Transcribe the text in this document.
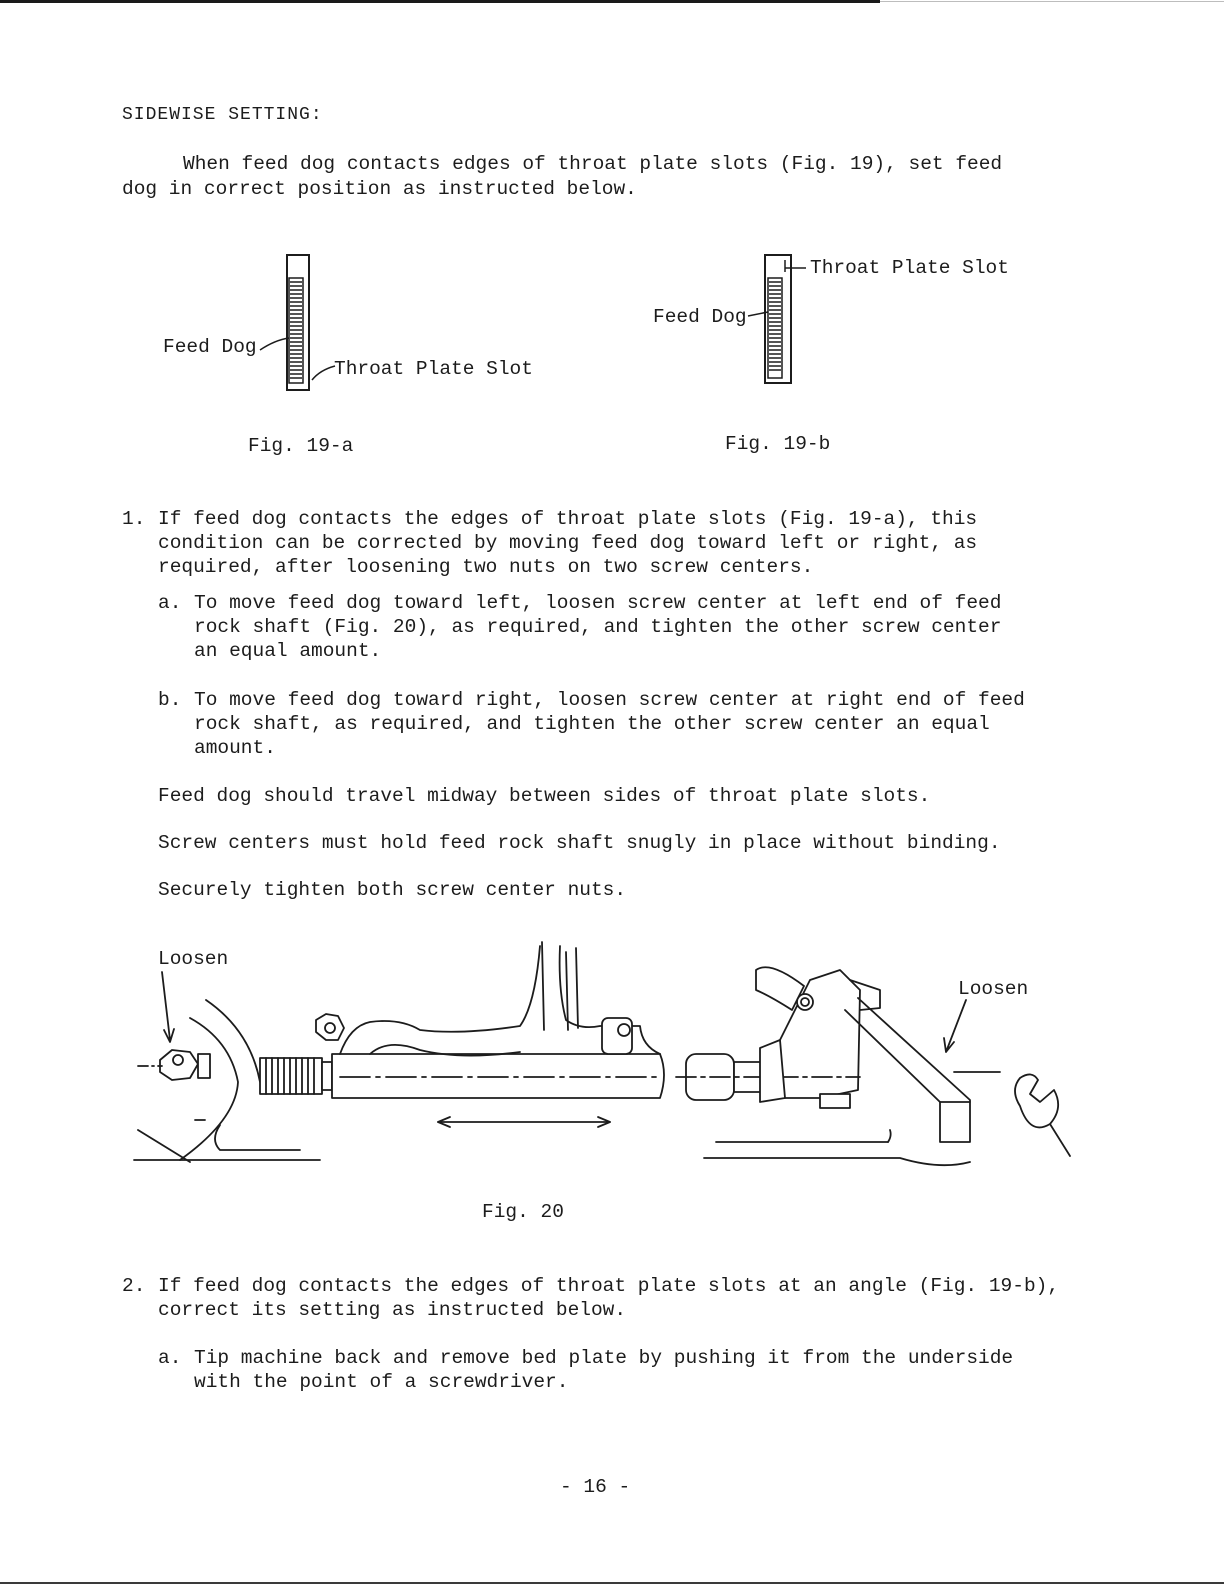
SIDEWISE SETTING:
When feed dog contacts edges of throat plate slots (Fig. 19), set feed
dog in correct position as instructed below.
Feed Dog
Throat Plate Slot
Fig. 19-a
Feed Dog
Throat Plate Slot
Fig. 19-b
1. If feed dog contacts the edges of throat plate slots (Fig. 19-a), this
condition can be corrected by moving feed dog toward left or right, as
required, after loosening two nuts on two screw centers.
a. To move feed dog toward left, loosen screw center at left end of feed
rock shaft (Fig. 20), as required, and tighten the other screw center
an equal amount.
b. To move feed dog toward right, loosen screw center at right end of feed
rock shaft, as required, and tighten the other screw center an equal
amount.
Feed dog should travel midway between sides of throat plate slots.
Screw centers must hold feed rock shaft snugly in place without binding.
Securely tighten both screw center nuts.
Loosen
Loosen
Fig. 20
2. If feed dog contacts the edges of throat plate slots at an angle (Fig. 19-b),
correct its setting as instructed below.
a. Tip machine back and remove bed plate by pushing it from the underside
with the point of a screwdriver.
- 16 -
